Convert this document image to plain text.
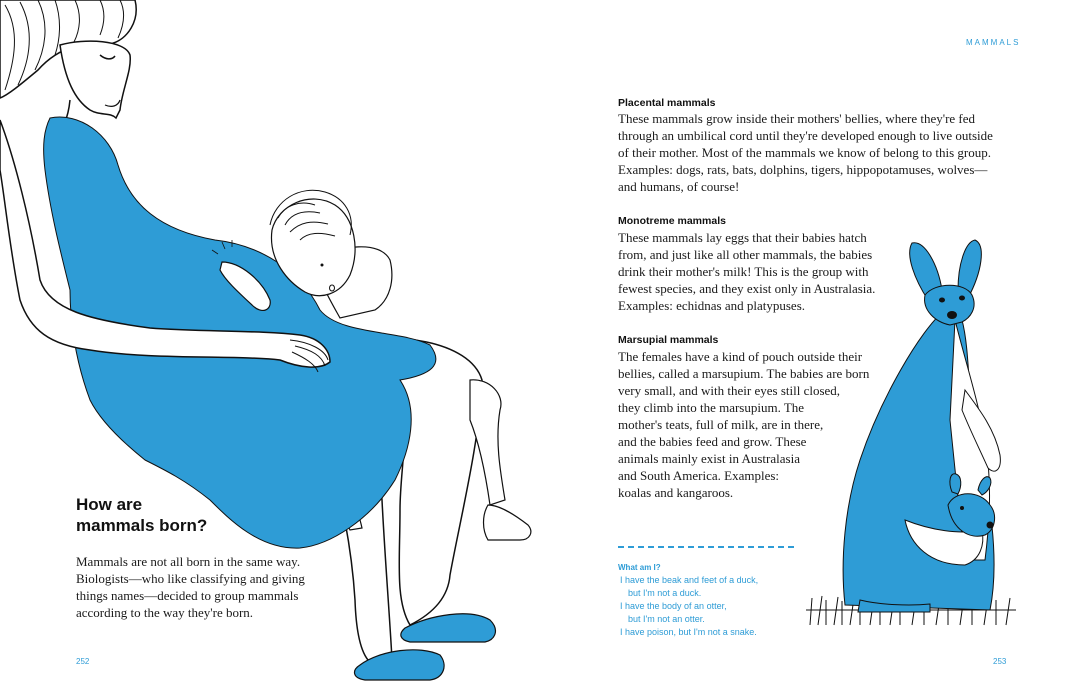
MAMMALS
Placental mammals

These mammals grow inside their mothers' bellies, where they're fed
through an umbilical cord until they're developed enough to live outside
of their mother. Most of the mammals we know of belong to this group.
Examples: dogs, rats, bats, dolphins, tigers, hippopotamuses, wolves—
and humans, of course!

Monotreme mammals

These mammals lay eggs that their babies hatch
from, and just like all other mammals, the babies
drink their mother's milk! This is the group with
fewest species, and they exist only in Australasia.
Examples: echidnas and platypuses.

Marsupial mammals

The females have a kind of pouch outside their
bellies, called a marsupium. The babies are born
very small, and with their eyes still closed,
they climb into the marsupium. The
mother's teats, full of milk, are in there,
and the babies feed and grow. These
animals mainly exist in Australasia
and South America. Examples:
koalas and kangaroos.

How are
mammals born?

Mammals are not all born in the same way.
Biologists—who like classifying and giving
things names—decided to group mammals
according to the way they're born.

What am I?
I have the beak and feet of a duck,
but I'm not a duck.
I have the body of an otter,
but I'm not an otter.
I have poison, but I'm not a snake.
252	253
